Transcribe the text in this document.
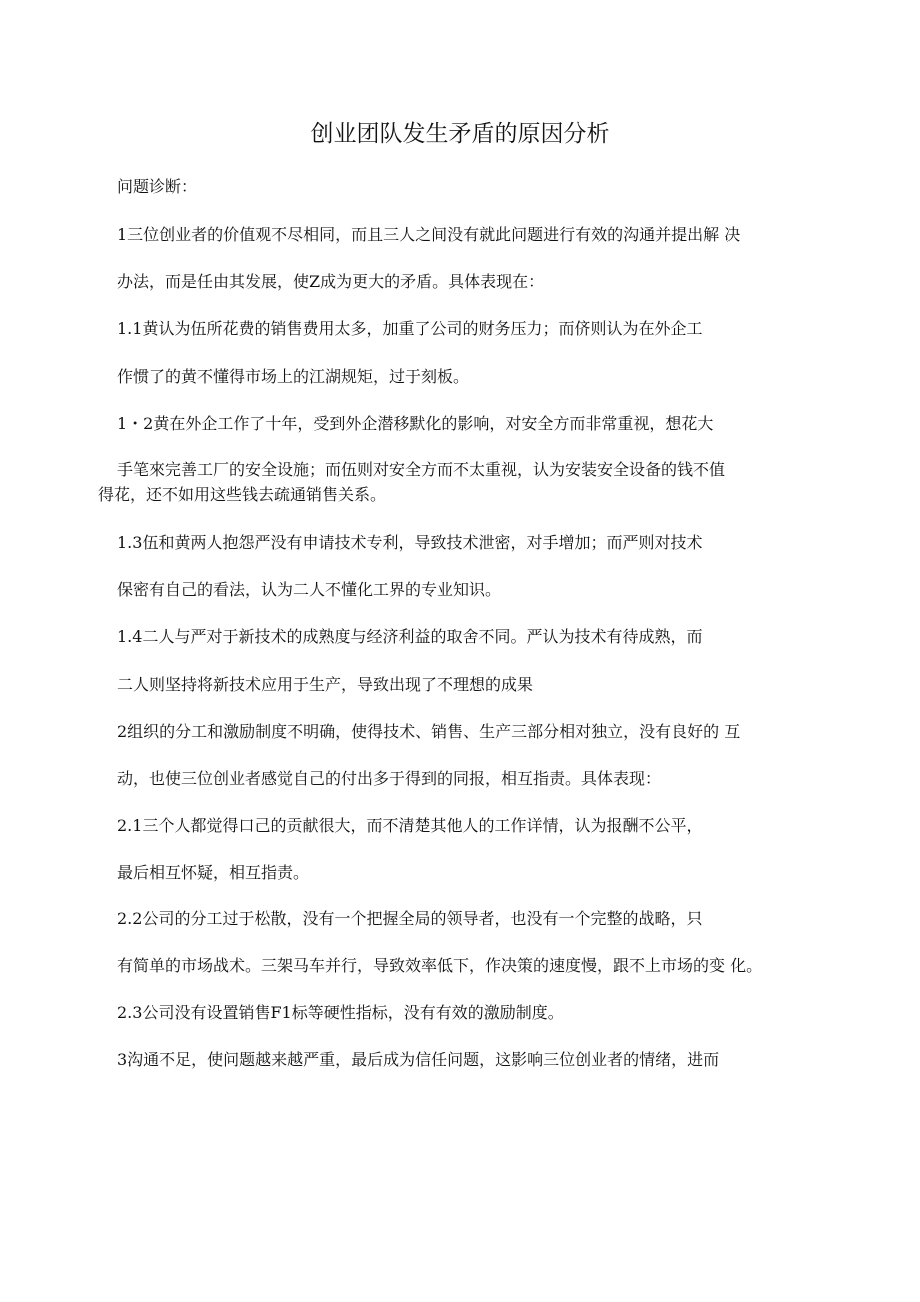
创业团队发生矛盾的原因分析
问题诊断：
1三位创业者的价值观不尽相同，而且三人之间没有就此问题进行有效的沟通并提出解 决
办法，而是任由其发展，使Z成为更大的矛盾。具体表现在：
1.1黄认为伍所花费的销售费用太多，加重了公司的财务压力；而侪则认为在外企工
作惯了的黄不懂得市场上的江湖规矩，过于刻板。
1・2黄在外企工作了十年，受到外企潜移默化的影响，对安全方而非常重视，想花大
手笔來完善工厂的安全设施；而伍则对安全方而不太重视，认为安装安全设备的钱不值
得花，还不如用这些钱去疏通销售关系。
1.3伍和黄两人抱怨严没有申请技术专利，导致技术泄密，对手增加；而严则对技术
保密有自己的看法，认为二人不懂化工界的专业知识。
1.4二人与严对于新技术的成熟度与经济利益的取舍不同。严认为技术有待成熟，而
二人则坚持将新技术应用于生产，导致出现了不理想的成果
2组织的分工和激励制度不明确，使得技术、销售、生产三部分相对独立，没有良好的 互
动，也使三位创业者感觉自己的付出多于得到的同报，相互指责。具体表现：
2.1三个人都觉得口己的贡献很大，而不清楚其他人的工作详情，认为报酬不公平，
最后相互怀疑，相互指责。
2.2公司的分工过于松散，没有一个把握全局的领导者，也没有一个完整的战略，只
有简单的市场战术。三架马车并行，导致效率低下，作决策的速度慢，跟不上市场的变 化。
2.3公司没有设置销售F1标等硬性指标，没有有效的激励制度。
3沟通不足，使问题越来越严重，最后成为信任问题，这影响三位创业者的情绪，进而
